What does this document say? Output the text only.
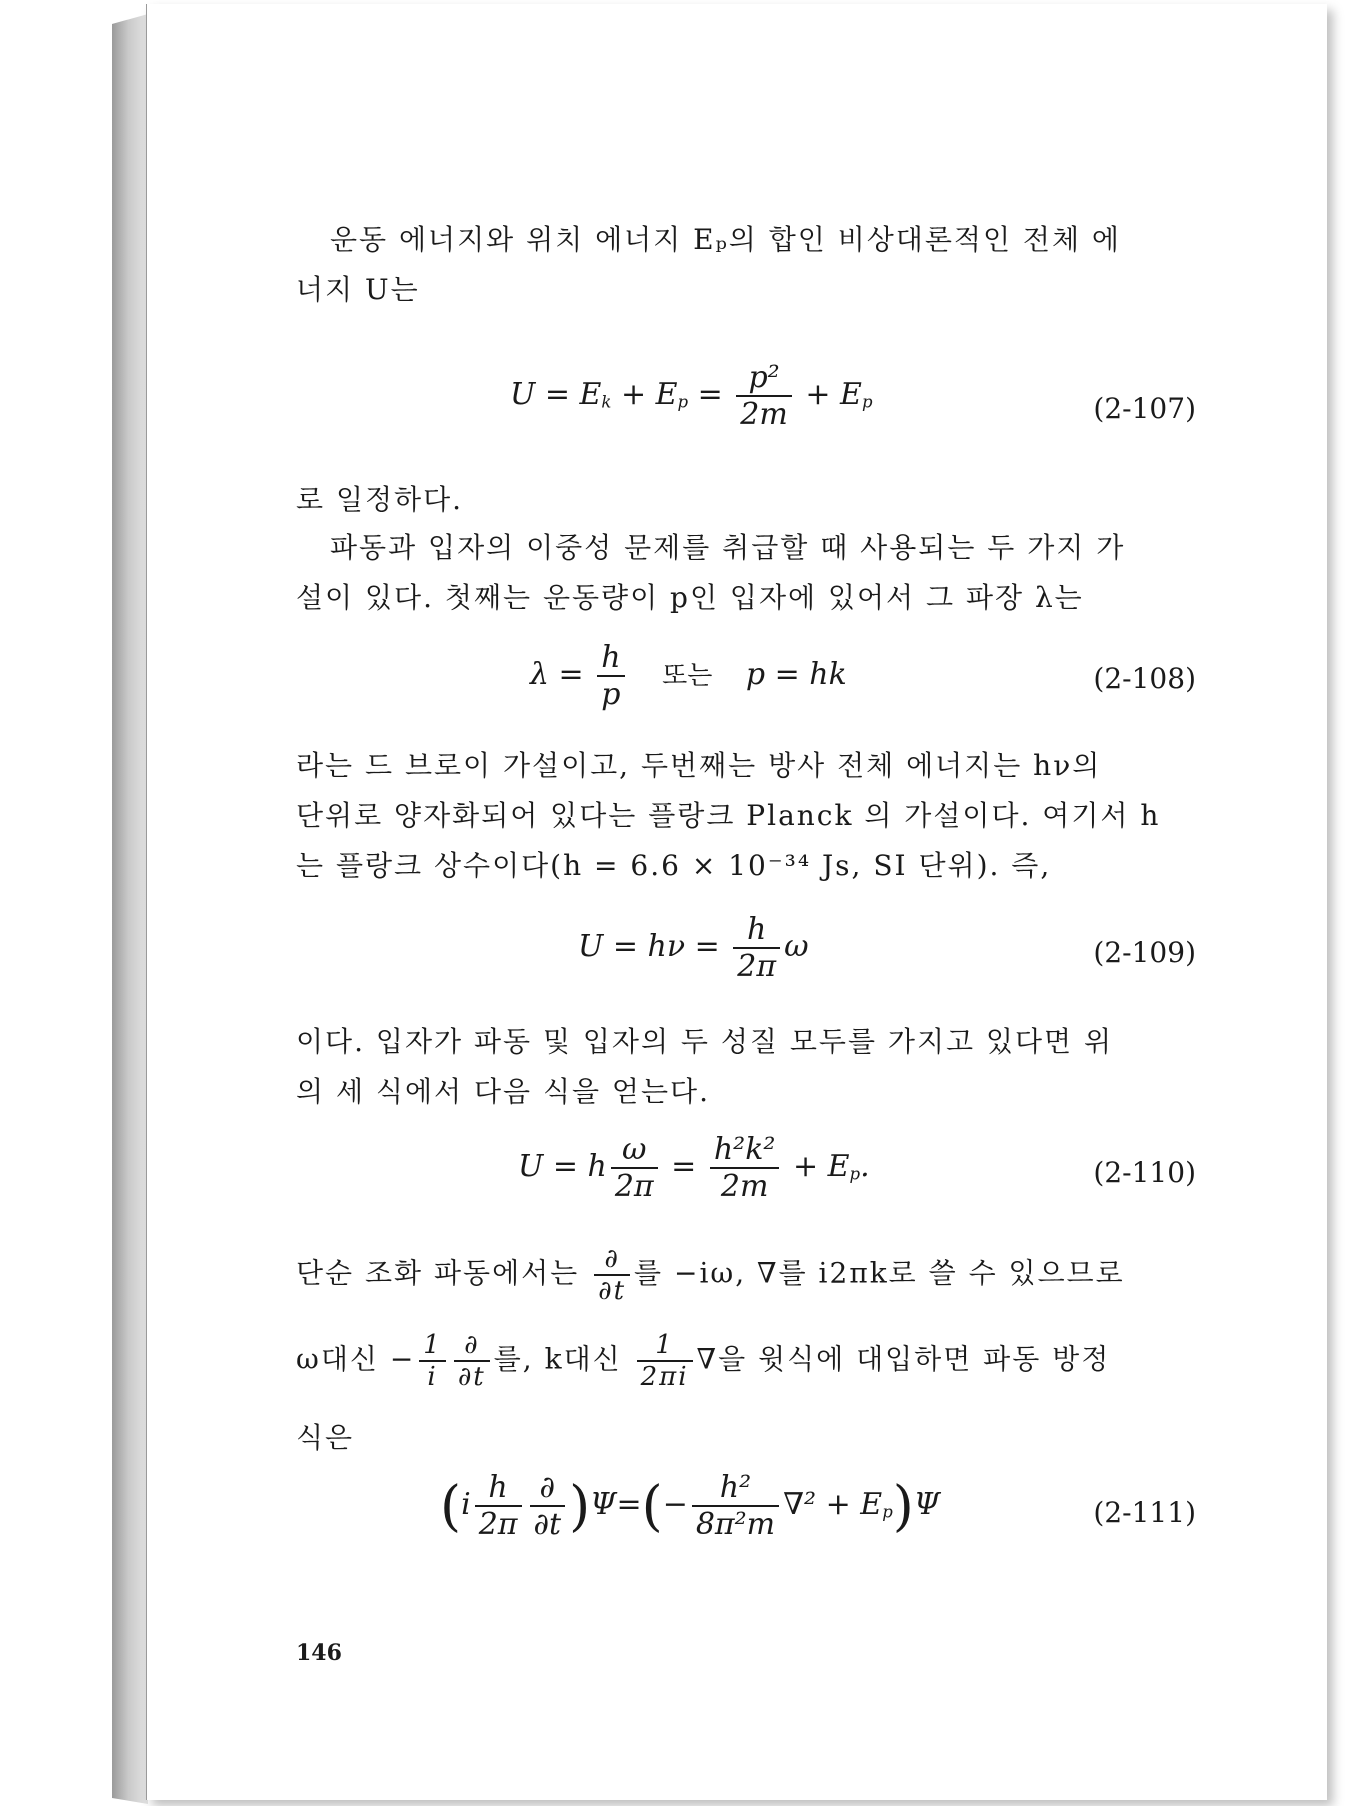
운동 에너지와 위치 에너지 Eₚ의 합인 비상대론적인 전체 에
너지 U는
$U = Ek + Ep = \frac{\text{p²}}{2m} + Ep$	(2-107)
로 일정하다.
파동과 입자의 이중성 문제를 취급할 때 사용되는 두 가지 가
설이 있다. 첫째는 운동량이 p인 입자에 있어서 그 파장 λ는
$\lambda = \frac{h}{p}$ 또는 p = hk	(2-108)
라는 드 브로이 가설이고, 두번째는 방사 전체 에너지는 hν의
단위로 양자화되어 있다는 플랑크 Planck 의 가설이다. 여기서 h
는 플랑크 상수이다(h = 6.6 × 10⁻³⁴ Js, SI 단위). 즉,
$U = h\nu = \frac{h}{2\pi}$ ω	(2-109)
이다. 입자가 파동 및 입자의 두 성질 모두를 가지고 있다면 위
의 세 식에서 다음 식을 얻는다.
U = h $\frac{\omega}{2\pi} = \frac{\text{h²k²}}{2m} + Ep$.	(2-110)
단순 조화 파동에서는 $\frac{\partial}{\partial t}$ 를 −iω, ∇를 i2πk로 쓸 수 있으므로
ω대신 − $\frac{1}{i} \frac{\partial}{\partial t}$ 를, k대신 $\frac{1}{2\pi i}$ ∇을 윗식에 대입하면 파동 방정
식은
$(i \frac{h}{2\pi} \frac{\partial}{\partial t} )\Psi=(- \frac{\text{h²}}{\text{8π²m}} \nabla^2 + Ep)\Psi$	(2-111)
146
